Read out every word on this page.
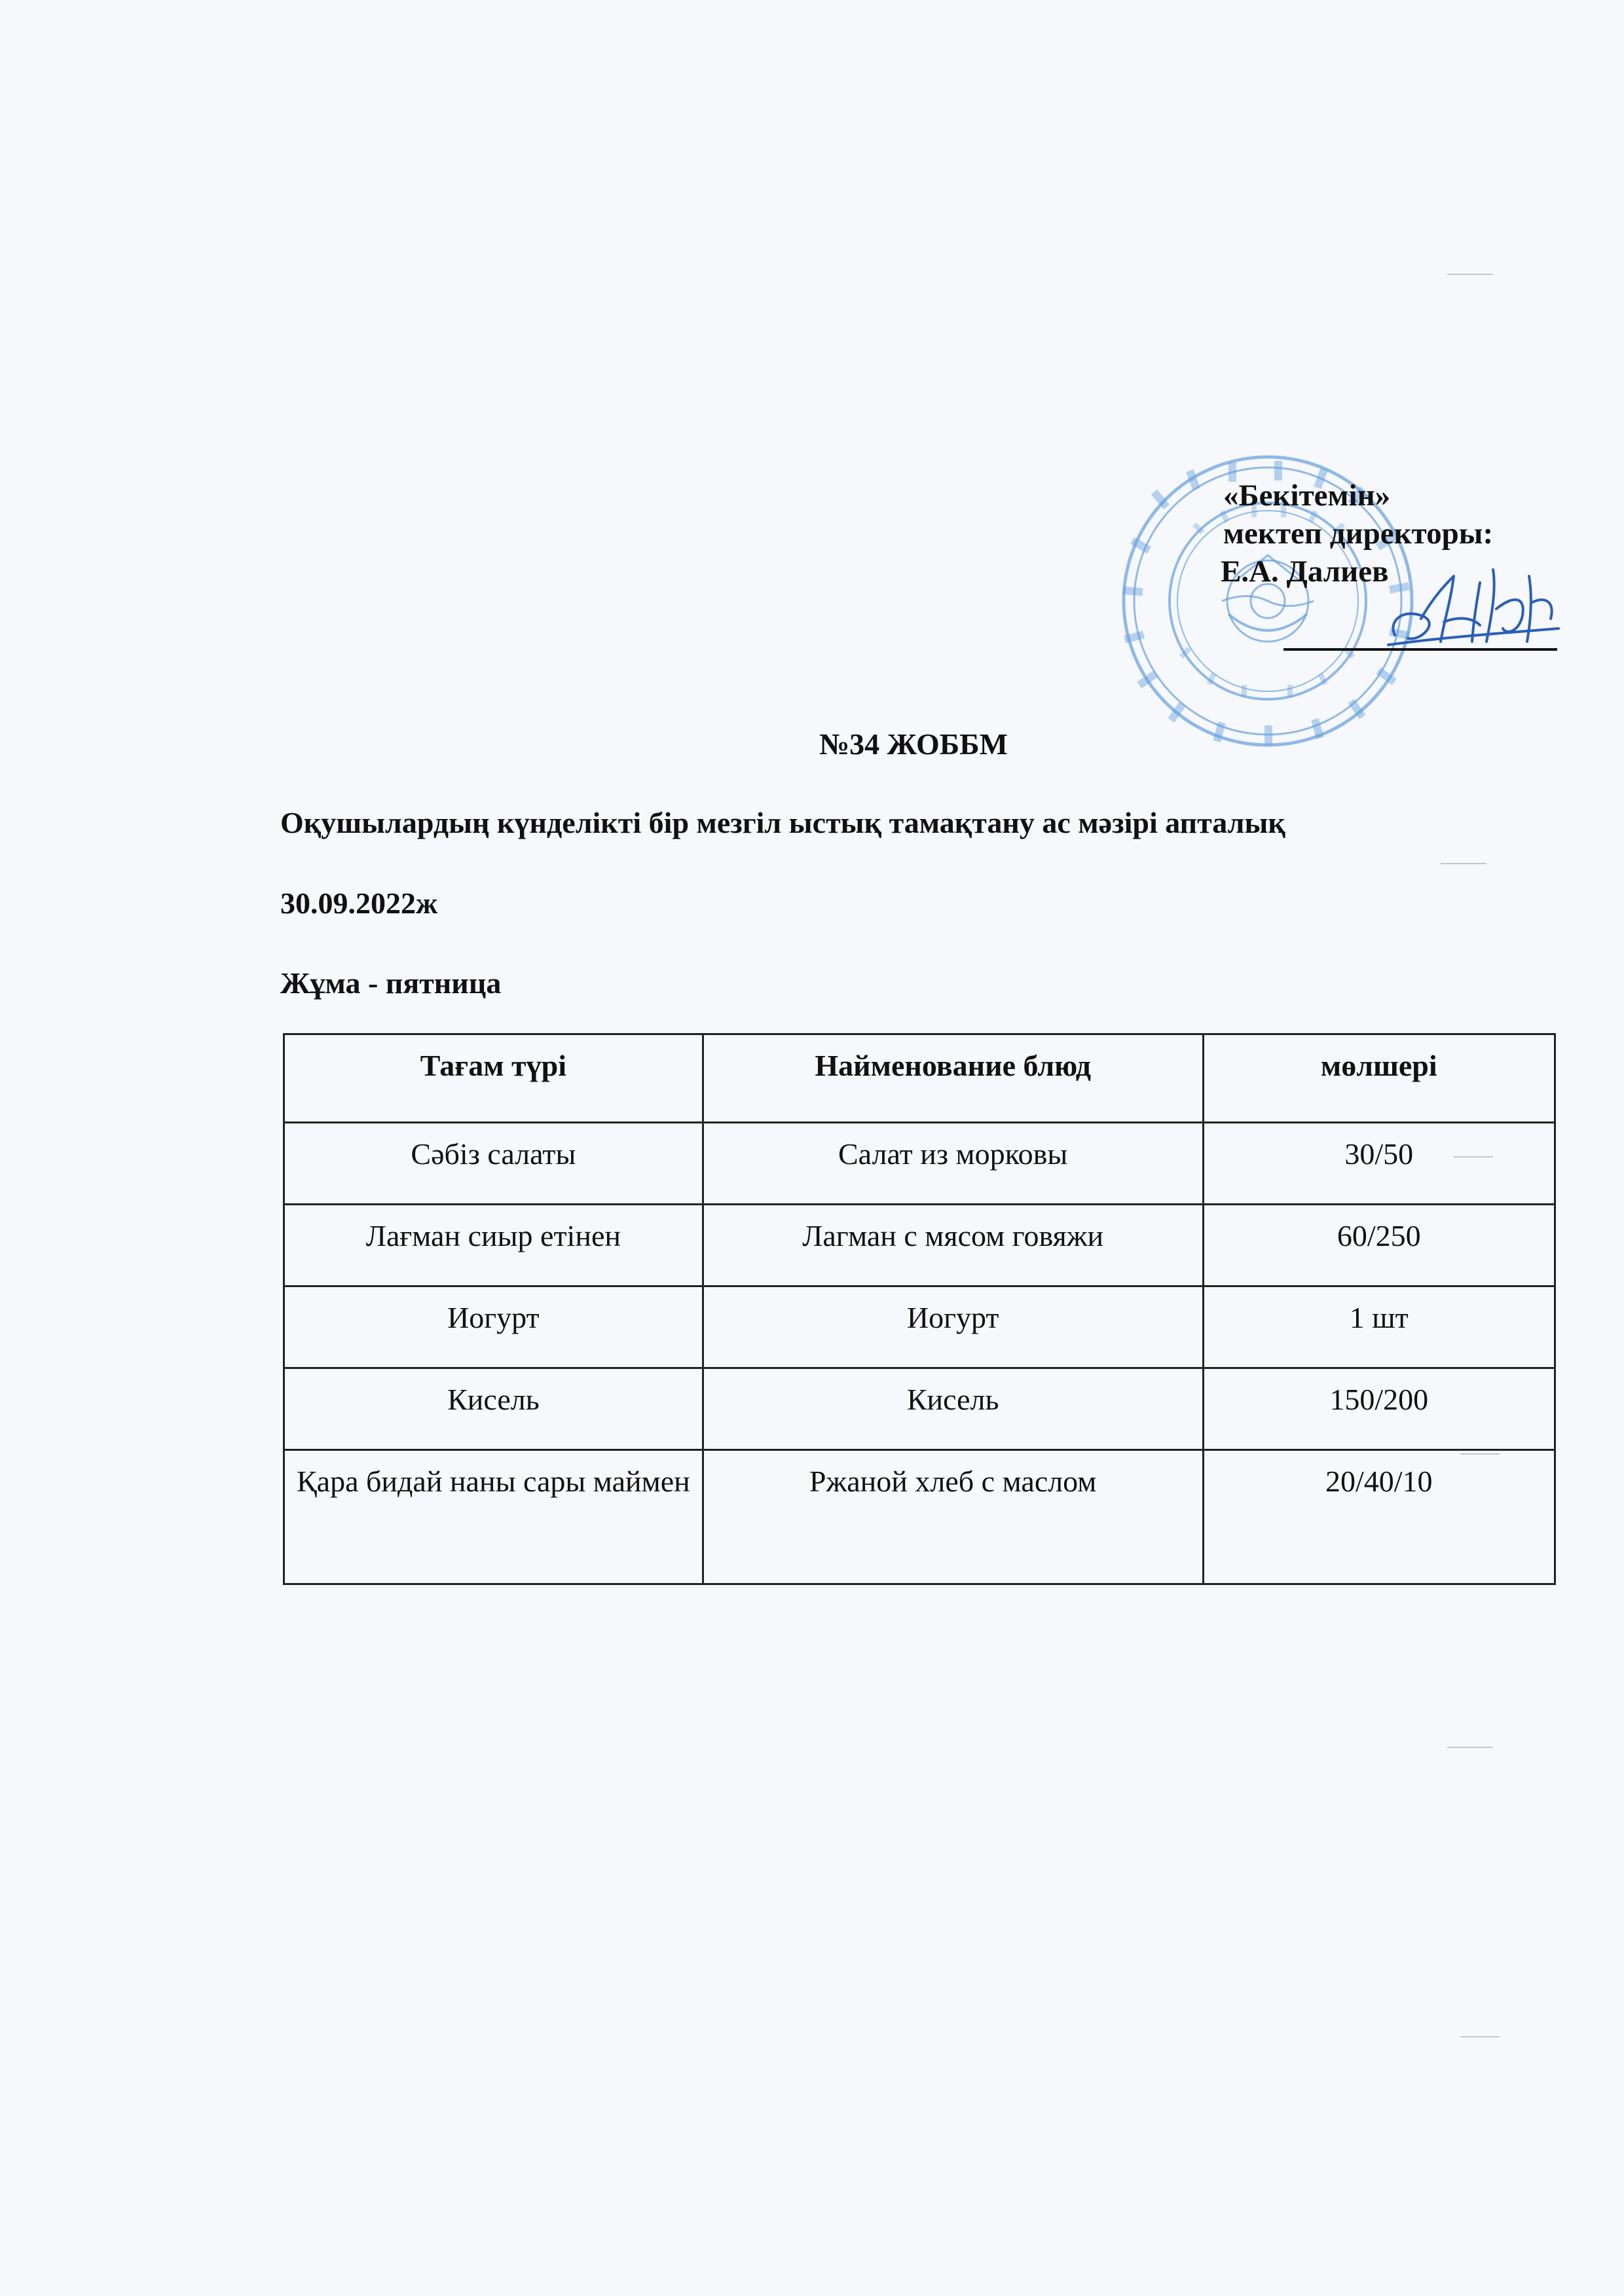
«Бекітемін»
мектеп директоры:
Е.А. Далиев
№34 ЖОББМ
Оқушылардың күнделікті бір мезгіл ыстық тамақтану ас мәзірі апталық
30.09.2022ж
Жұма - пятница
Тағам түрі	Найменование блюд	мөлшері
Сәбіз салаты	Салат из морковы	30/50
Лағман сиыр етінен	Лагман с мясом говяжи	60/250
Иогурт	Иогурт	1 шт
Кисель	Кисель	150/200
Қара бидай наны сары маймен	Ржаной хлеб с маслом	20/40/10
